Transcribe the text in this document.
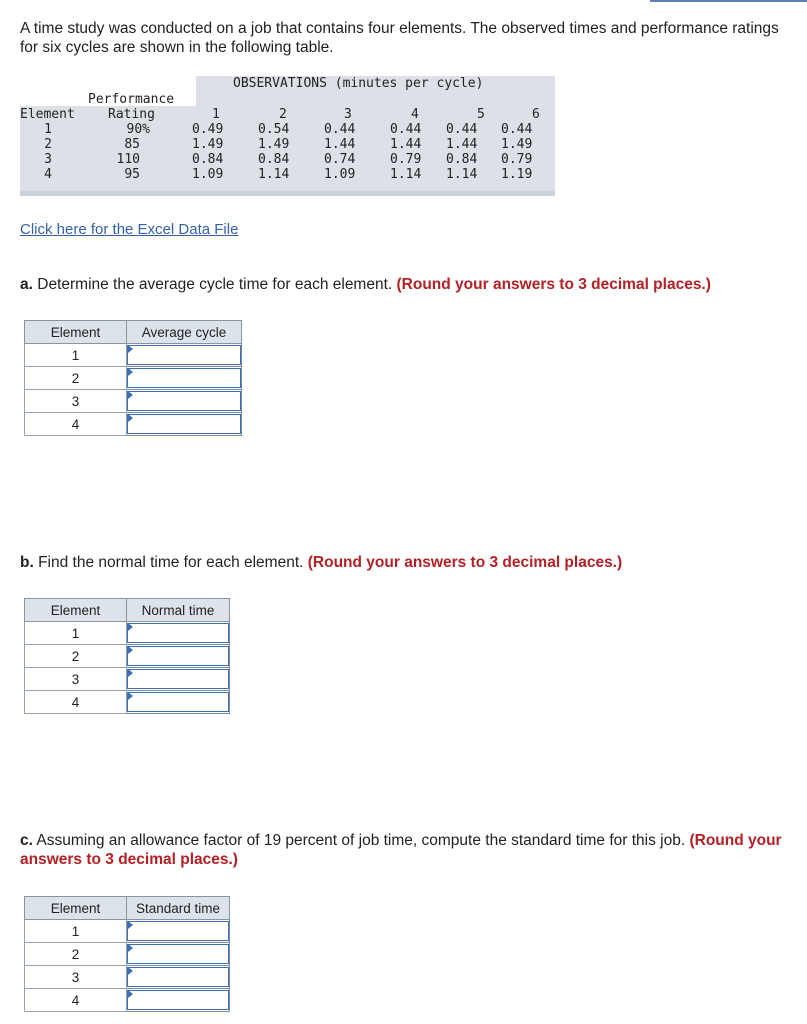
A time study was conducted on a job that contains four elements. The observed times and performance ratings for six cycles are shown in the following table.
OBSERVATIONS (minutes per cycle)
Performance
Rating
Element	1	2	3	4	5	6
1	90%	0.49	0.54	0.44	0.44 0.44 0.44
2	85	1.49	1.49	1.44	1.44 1.44 1.49
3	110	0.84	0.84	0.74	0.79 0.84 0.79
4	95	1.09	1.14	1.09	1.14 1.14 1.19
Click here for the Excel Data File
a. Determine the average cycle time for each element. (Round your answers to 3 decimal places.)
Element	Average cycle
1	

2	

3	

4	
b. Find the normal time for each element. (Round your answers to 3 decimal places.)
Element	Normal time
1	

2	

3	

4	
c. Assuming an allowance factor of 19 percent of job time, compute the standard time for this job. (Round your answers to 3 decimal places.)
Element	Standard time
1	

2	

3	

4	
